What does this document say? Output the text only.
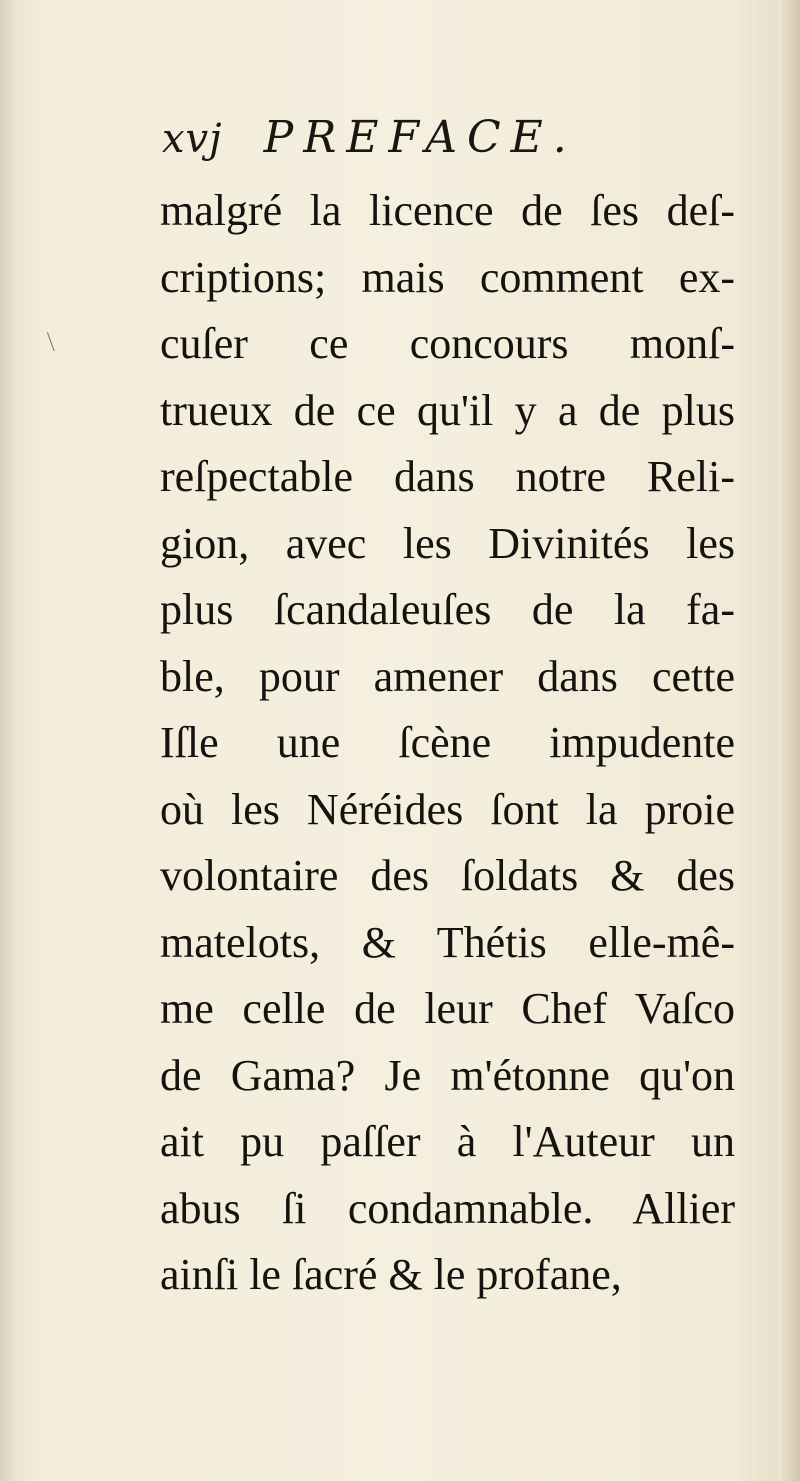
xvj PREFACE.
malgré la licence de ſes deſ-
criptions; mais comment ex-
cuſer ce concours monſ-
trueux de ce qu'il y a de plus
reſpectable dans notre Reli-
gion, avec les Divinités les
plus ſcandaleuſes de la fa-
ble, pour amener dans cette
Iſle une ſcène impudente
où les Néréides ſont la proie
volontaire des ſoldats & des
matelots, & Thétis elle-mê-
me celle de leur Chef Vaſco
de Gama? Je m'étonne qu'on
ait pu paſſer à l'Auteur un
abus ſi condamnable. Allier
ainſi le ſacré & le profane,
